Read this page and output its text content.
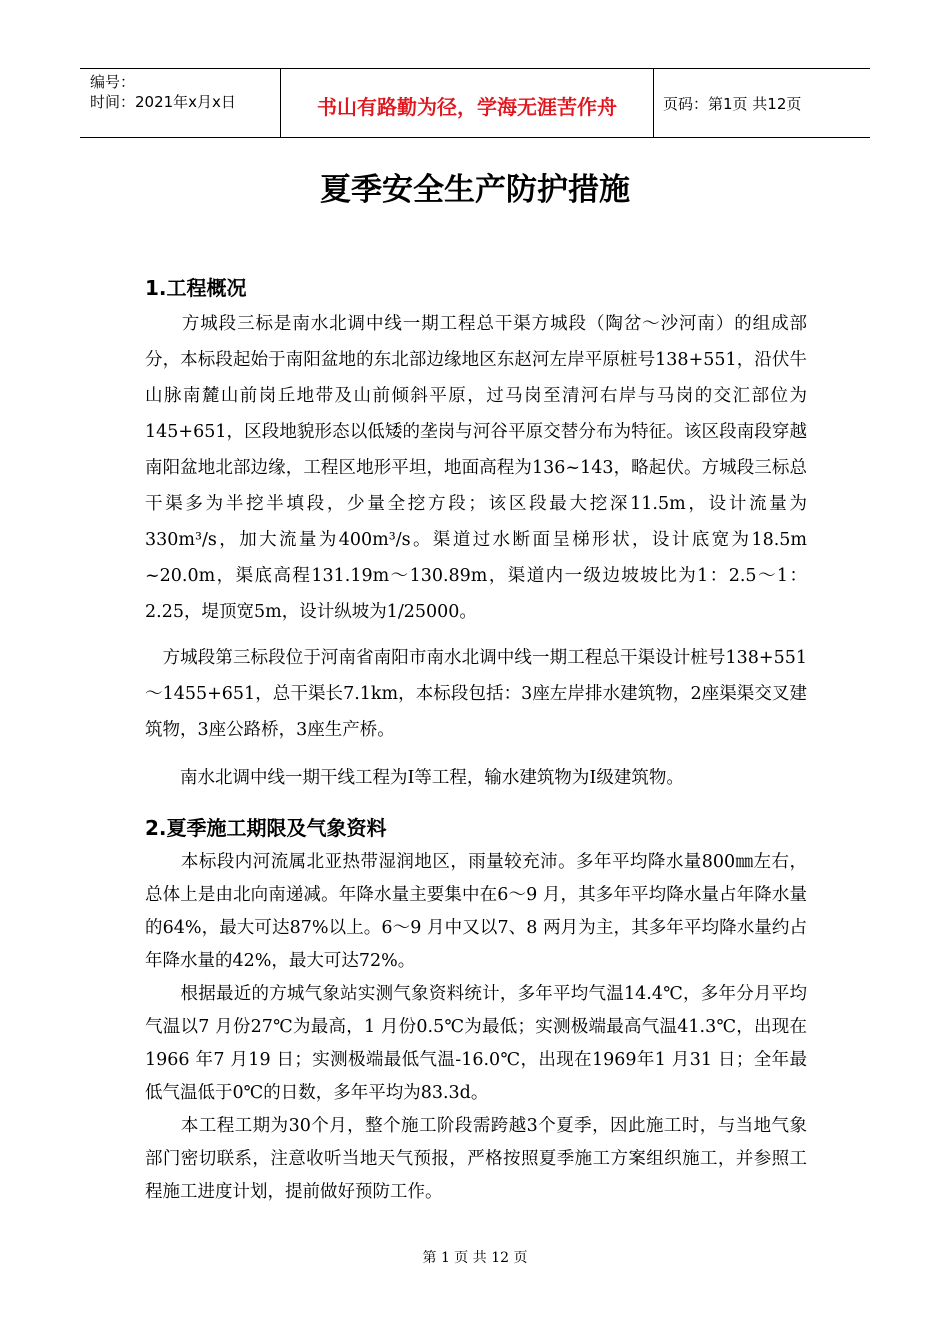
编号：
时间：2021年x月x日	书山有路勤为径，学海无涯苦作舟	页码：第1页 共12页
夏季安全生产防护措施
1.工程概况
　　方城段三标是南水北调中线一期工程总干渠方城段（陶岔～沙河南）的组成部分，本标段起始于南阳盆地的东北部边缘地区东赵河左岸平原桩号138+551，沿伏牛山脉南麓山前岗丘地带及山前倾斜平原，过马岗至清河右岸与马岗的交汇部位为145+651，区段地貌形态以低矮的垄岗与河谷平原交替分布为特征。该区段南段穿越南阳盆地北部边缘，工程区地形平坦，地面高程为136~143，略起伏。方城段三标总干渠多为半挖半填段，少量全挖方段；该区段最大挖深11.5m，设计流量为330m³/s，加大流量为400m³/s。渠道过水断面呈梯形状，设计底宽为18.5m ~20.0m，渠底高程131.19m～130.89m，渠道内一级边坡坡比为1：2.5～1：2.25，堤顶宽5m，设计纵坡为1/25000。
　方城段第三标段位于河南省南阳市南水北调中线一期工程总干渠设计桩号138+551～1455+651，总干渠长7.1km，本标段包括：3座左岸排水建筑物，2座渠渠交叉建筑物，3座公路桥，3座生产桥。
　　南水北调中线一期干线工程为Ⅰ等工程，输水建筑物为Ⅰ级建筑物。
2.夏季施工期限及气象资料
　　本标段内河流属北亚热带湿润地区，雨量较充沛。多年平均降水量800㎜左右，总体上是由北向南递减。年降水量主要集中在6～9 月，其多年平均降水量占年降水量的64%，最大可达87%以上。6～9 月中又以7、8 两月为主，其多年平均降水量约占年降水量的42%，最大可达72%。
　　根据最近的方城气象站实测气象资料统计，多年平均气温14.4℃，多年分月平均气温以7 月份27℃为最高，1 月份0.5℃为最低；实测极端最高气温41.3℃，出现在1966 年7 月19 日；实测极端最低气温-16.0℃，出现在1969年1 月31 日；全年最低气温低于0℃的日数，多年平均为83.3d。
　　本工程工期为30个月，整个施工阶段需跨越3个夏季，因此施工时，与当地气象部门密切联系，注意收听当地天气预报，严格按照夏季施工方案组织施工，并参照工程施工进度计划，提前做好预防工作。
第 1 页 共 12 页
